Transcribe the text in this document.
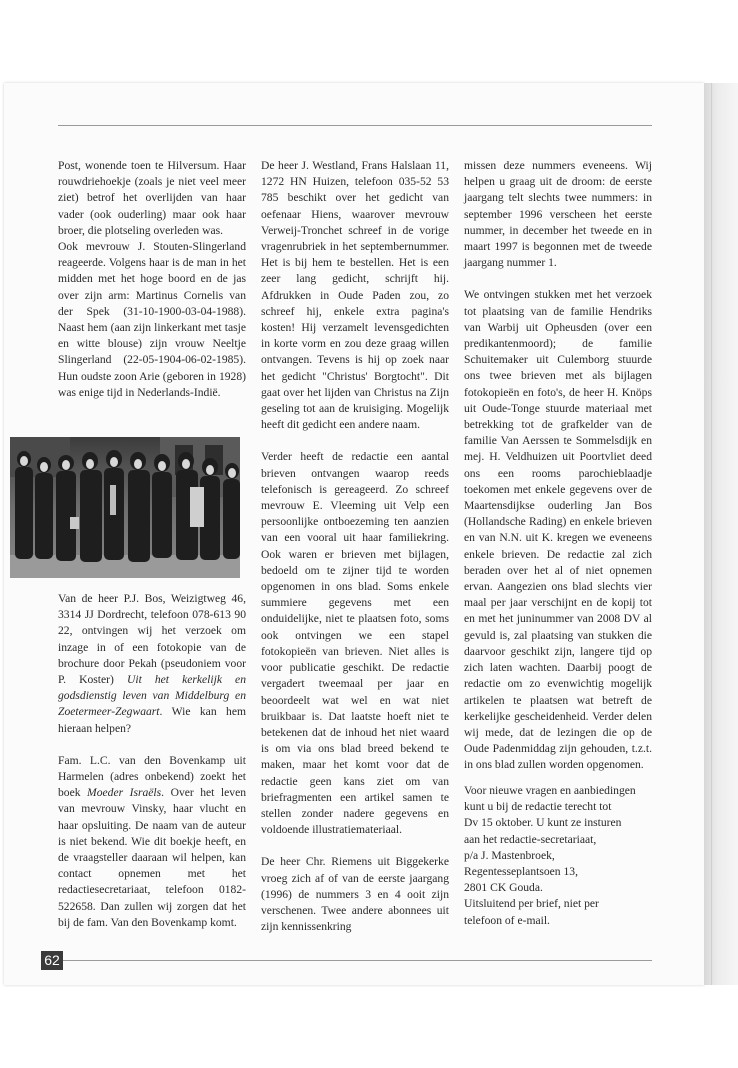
Post, wonende toen te Hilversum. Haar rouwdriehoekje (zoals je niet veel meer ziet) betrof het overlijden van haar vader (ook ouderling) maar ook haar broer, die plotseling overleden was.

Ook mevrouw J. Stouten-Slingerland reageerde. Volgens haar is de man in het midden met het hoge boord en de jas over zijn arm: Martinus Cornelis van der Spek (31-10-1900-03-04-1988). Naast hem (aan zijn linkerkant met tasje en witte blouse) zijn vrouw Neeltje Slingerland (22-05-1904-06-02-1985). Hun oudste zoon Arie (geboren in 1928) was enige tijd in Nederlands-Indië.

Van de heer P.J. Bos, Weizigtweg 46, 3314 JJ Dordrecht, telefoon 078-613 90 22, ontvingen wij het verzoek om inzage in of een fotokopie van de brochure door Pekah (pseudoniem voor P. Koster) Uit het kerkelijk en godsdienstig leven van Middelburg en Zoetermeer-Zegwaart. Wie kan hem hieraan helpen?

Fam. L.C. van den Bovenkamp uit Harmelen (adres onbekend) zoekt het boek Moeder Israëls. Over het leven van mevrouw Vinsky, haar vlucht en haar opsluiting. De naam van de auteur is niet bekend. Wie dit boekje heeft, en de vraagsteller daaraan wil helpen, kan contact opnemen met het redactiesecretariaat, telefoon 0182-522658. Dan zullen wij zorgen dat het bij de fam. Van den Bovenkamp komt.

De heer J. Westland, Frans Halslaan 11, 1272 HN Huizen, telefoon 035-52 53 785 beschikt over het gedicht van oefenaar Hiens, waarover mevrouw Verweij-Tronchet schreef in de vorige vragenrubriek in het septembernummer. Het is bij hem te bestellen. Het is een zeer lang gedicht, schrijft hij. Afdrukken in Oude Paden zou, zo schreef hij, enkele extra pagina's kosten! Hij verzamelt levensgedichten in korte vorm en zou deze graag willen ontvangen. Tevens is hij op zoek naar het gedicht "Christus' Borgtocht". Dit gaat over het lijden van Christus na Zijn geseling tot aan de kruisiging. Mogelijk heeft dit gedicht een andere naam.

Verder heeft de redactie een aantal brieven ontvangen waarop reeds telefonisch is gereageerd. Zo schreef mevrouw E. Vleeming uit Velp een persoonlijke ontboezeming ten aanzien van een vooral uit haar familiekring. Ook waren er brieven met bijlagen, bedoeld om te zijner tijd te worden opgenomen in ons blad. Soms enkele summiere gegevens met een onduidelijke, niet te plaatsen foto, soms ook ontvingen we een stapel fotokopieën van brieven. Niet alles is voor publicatie geschikt. De redactie vergadert tweemaal per jaar en beoordeelt wat wel en wat niet bruikbaar is. Dat laatste hoeft niet te betekenen dat de inhoud het niet waard is om via ons blad breed bekend te maken, maar het komt voor dat de redactie geen kans ziet om van briefragmenten een artikel samen te stellen zonder nadere gegevens en voldoende illustratiemateriaal.

De heer Chr. Riemens uit Biggekerke vroeg zich af of van de eerste jaargang (1996) de nummers 3 en 4 ooit zijn verschenen. Twee andere abonnees uit zijn kennissenkring

missen deze nummers eveneens. Wij helpen u graag uit de droom: de eerste jaargang telt slechts twee nummers: in september 1996 verscheen het eerste nummer, in december het tweede en in maart 1997 is begonnen met de tweede jaargang nummer 1.

We ontvingen stukken met het verzoek tot plaatsing van de familie Hendriks van Warbij uit Opheusden (over een predikantenmoord); de familie Schuitemaker uit Culemborg stuurde ons twee brieven met als bijlagen fotokopieën en foto's, de heer H. Knöps uit Oude-Tonge stuurde materiaal met betrekking tot de grafkelder van de familie Van Aerssen te Sommelsdijk en mej. H. Veldhuizen uit Poortvliet deed ons een rooms parochieblaadje toekomen met enkele gegevens over de Maartensdijkse ouderling Jan Bos (Hollandsche Rading) en enkele brieven en van N.N. uit K. kregen we eveneens enkele brieven. De redactie zal zich beraden over het al of niet opnemen ervan. Aangezien ons blad slechts vier maal per jaar verschijnt en de kopij tot en met het juninummer van 2008 DV al gevuld is, zal plaatsing van stukken die daarvoor geschikt zijn, langere tijd op zich laten wachten. Daarbij poogt de redactie om zo evenwichtig mogelijk artikelen te plaatsen wat betreft de kerkelijke gescheidenheid. Verder delen wij mede, dat de lezingen die op de Oude Padenmiddag zijn gehouden, t.z.t. in ons blad zullen worden opgenomen.

Voor nieuwe vragen en aanbiedingen
kunt u bij de redactie terecht tot
Dv 15 oktober. U kunt ze insturen
aan het redactie-secretariaat,
p/a J. Mastenbroek,
Regentesseplantsoen 13,
2801 CK Gouda.
Uitsluitend per brief, niet per
telefoon of e-mail.
62
